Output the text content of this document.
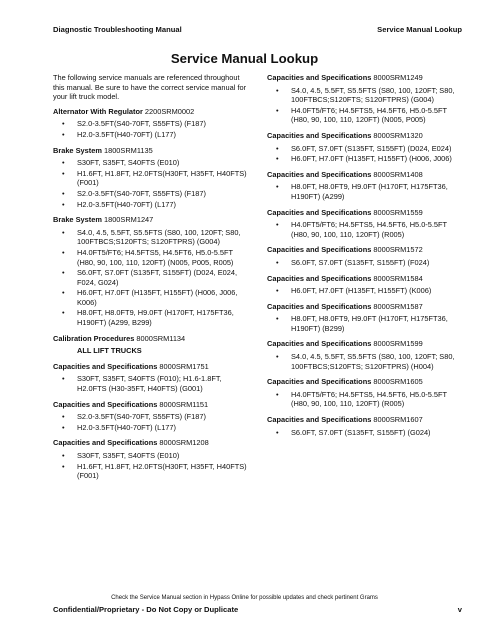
Diagnostic Troubleshooting Manual	Service Manual Lookup
Service Manual Lookup

The following service manuals are referenced throughout this manual. Be sure to have the correct service manual for your lift truck model.

Alternator With Regulator 2200SRM0002
• S2.0-3.5FT(S40-70FT, S55FTS) (F187)
• H2.0-3.5FT(H40-70FT) (L177)
Brake System 1800SRM1135
• S30FT, S35FT, S40FTS (E010)
• H1.6FT, H1.8FT, H2.0FTS(H30FT, H35FT, H40FTS) (F001)
• S2.0-3.5FT(S40-70FT, S55FTS) (F187)
• H2.0-3.5FT(H40-70FT) (L177)
Brake System 1800SRM1247
• S4.0, 4.5, 5.5FT, S5.5FTS (S80, 100, 120FT; S80, 100FTBCS;S120FTS; S120FTPRS) (G004)
• H4.0FT5/FT6; H4.5FTS5, H4.5FT6, H5.0-5.5FT (H80, 90, 100, 110, 120FT) (N005, P005, R005)
• S6.0FT, S7.0FT (S135FT, S155FT) (D024, E024, F024, G024)
• H6.0FT, H7.0FT (H135FT, H155FT) (H006, J006, K006)
• H8.0FT, H8.0FT9, H9.0FT (H170FT, H175FT36, H190FT) (A299, B299)
Calibration Procedures 8000SRM1134
ALL LIFT TRUCKS
Capacities and Specifications 8000SRM1751
• S30FT, S35FT, S40FTS (F010); H1.6-1.8FT, H2.0FTS (H30-35FT, H40FTS) (G001)
Capacities and Specifications 8000SRM1151
• S2.0-3.5FT(S40-70FT, S55FTS) (F187)
• H2.0-3.5FT(H40-70FT) (L177)
Capacities and Specifications 8000SRM1208
• S30FT, S35FT, S40FTS (E010)
• H1.6FT, H1.8FT, H2.0FTS(H30FT, H35FT, H40FTS) (F001)
Capacities and Specifications 8000SRM1249
• S4.0, 4.5, 5.5FT, S5.5FTS (S80, 100, 120FT; S80, 100FTBCS;S120FTS; S120FTPRS) (G004)
• H4.0FT5/FT6; H4.5FTS5, H4.5FT6, H5.0-5.5FT (H80, 90, 100, 110, 120FT) (N005, P005)
Capacities and Specifications 8000SRM1320
• S6.0FT, S7.0FT (S135FT, S155FT) (D024, E024)
• H6.0FT, H7.0FT (H135FT, H155FT) (H006, J006)
Capacities and Specifications 8000SRM1408
• H8.0FT, H8.0FT9, H9.0FT (H170FT, H175FT36, H190FT) (A299)
Capacities and Specifications 8000SRM1559
• H4.0FT5/FT6; H4.5FTS5, H4.5FT6, H5.0-5.5FT (H80, 90, 100, 110, 120FT) (R005)
Capacities and Specifications 8000SRM1572
• S6.0FT, S7.0FT (S135FT, S155FT) (F024)
Capacities and Specifications 8000SRM1584
• H6.0FT, H7.0FT (H135FT, H155FT) (K006)
Capacities and Specifications 8000SRM1587
• H8.0FT, H8.0FT9, H9.0FT (H170FT, H175FT36, H190FT) (B299)
Capacities and Specifications 8000SRM1599
• S4.0, 4.5, 5.5FT, S5.5FTS (S80, 100, 120FT; S80, 100FTBCS;S120FTS; S120FTPRS) (H004)
Capacities and Specifications 8000SRM1605
• H4.0FT5/FT6; H4.5FTS5, H4.5FT6, H5.0-5.5FT (H80, 90, 100, 110, 120FT) (R005)
Capacities and Specifications 8000SRM1607
• S6.0FT, S7.0FT (S135FT, S155FT) (G024)
Check the Service Manual section in Hypass Online for possible updates and check pertinent Grams
Confidential/Proprietary - Do Not Copy or Duplicate	v
